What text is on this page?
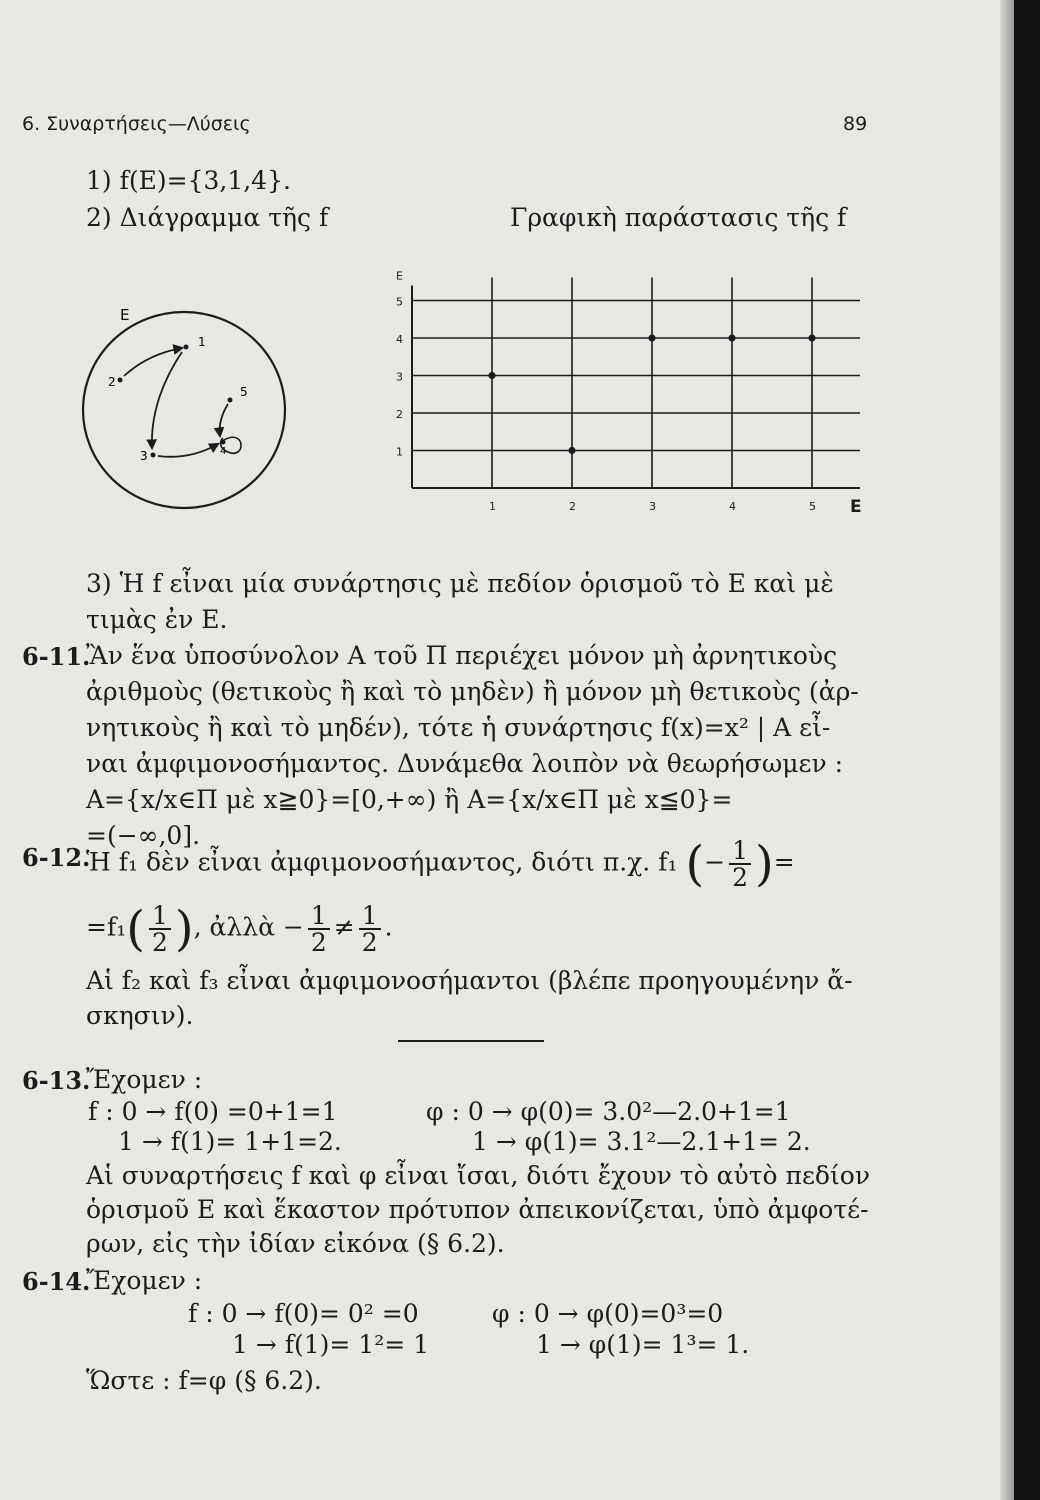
6. Συναρτήσεις—Λύσεις	89
1) f(E)={3,1,4}.
2) Διάγραμμα τῆς f	Γραφικὴ παράστασις τῆς f
E
1
2
3	4
5
1
2
3
4
5
1	2	3	4	5
E
E
3) Ἡ f εἶναι μία συνάρτησις μὲ πεδίον ὁρισμοῦ τὸ Ε καὶ μὲ
τιμὰς ἐν Ε.
6-11.
Ἂν ἕνα ὑποσύνολον Α τοῦ Π περιέχει μόνον μὴ ἀρνητικοὺς
ἀριθμοὺς (θετικοὺς ἢ καὶ τὸ μηδὲν) ἢ μόνον μὴ θετικοὺς (ἀρ-
νητικοὺς ἢ καὶ τὸ μηδέν), τότε ἡ συνάρτησις f(x)=x² | A εἶ-
ναι ἀμφιμονοσήμαντος. Δυνάμεθα λοιπὸν νὰ θεωρήσωμεν :
Α={x/x∈Π μὲ x≧0}=[0,+∞) ἢ Α={x/x∈Π μὲ x≦0}=
=(−∞,0].
6-12.
Ἡ f₁ δὲν εἶναι ἀμφιμονοσήμαντος, διότι π.χ. f₁ (− $\frac{1}{2}$ )=
$=f_1( \frac{1}{2}$ ), ἀλλὰ − $\frac{1}{2} \ne \frac{1}{2}$ .
Αἱ f₂ καὶ f₃ εἶναι ἀμφιμονοσήμαντοι (βλέπε προηγουμένην ἄ-
σκησιν).
6-13.
Ἔχομεν :
f : 0 → f(0) =0+1=1	φ : 0 → φ(0)= 3.0²—2.0+1=1
1 → f(1)= 1+1=2.	1 → φ(1)= 3.1²—2.1+1= 2.
Αἱ συναρτήσεις f καὶ φ εἶναι ἴσαι, διότι ἔχουν τὸ αὐτὸ πεδίον
ὁρισμοῦ Ε καὶ ἕκαστον πρότυπον ἀπεικονίζεται, ὑπὸ ἀμφοτέ-
ρων, εἰς τὴν ἰδίαν εἰκόνα (§ 6.2).
6-14.
Ἔχομεν :
f : 0 → f(0)= 0² =0	φ : 0 → φ(0)=0³=0
1 → f(1)= 1²= 1	1 → φ(1)= 1³= 1.
Ὥστε : f=φ (§ 6.2).
